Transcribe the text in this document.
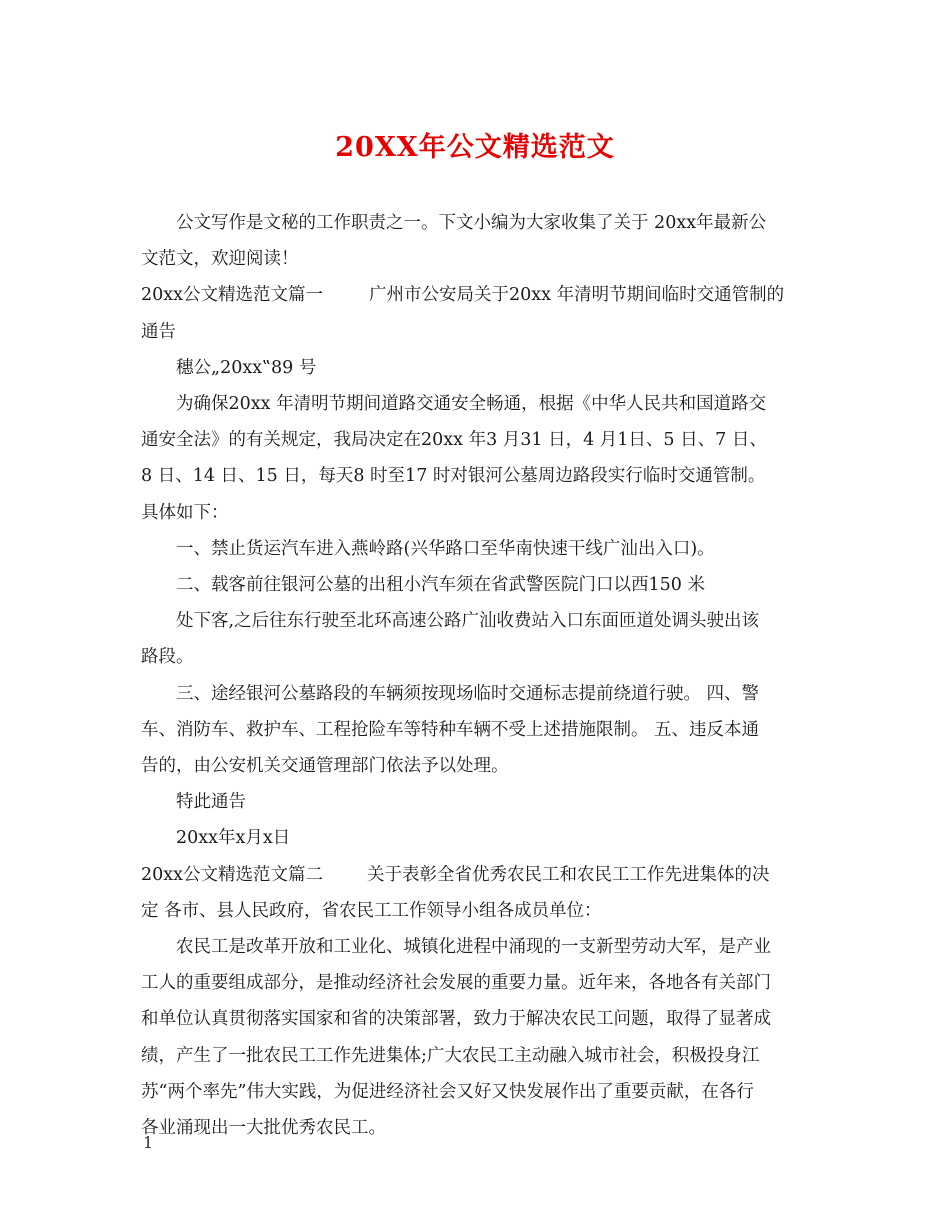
20XX年公文精选范文
公文写作是文秘的工作职责之一。下文小编为大家收集了关于 20xx年最新公
文范文，欢迎阅读！
20xx公文精选范文篇一	广州市公安局关于20xx 年清明节期间临时交通管制的
通告
穗公„20xx‟89 号
为确保20xx 年清明节期间道路交通安全畅通，根据《中华人民共和国道路交
通安全法》的有关规定，我局决定在20xx 年3 月31 日，4 月1日、5 日、7 日、
8 日、14 日、15 日，每天8 时至17 时对银河公墓周边路段实行临时交通管制。
具体如下：
一、禁止货运汽车进入燕岭路(兴华路口至华南快速干线广汕出入口)。
二、载客前往银河公墓的出租小汽车须在省武警医院门口以西150 米
处下客,之后往东行驶至北环高速公路广汕收费站入口东面匝道处调头驶出该
路段。
三、途经银河公墓路段的车辆须按现场临时交通标志提前绕道行驶。 四、警
车、消防车、救护车、工程抢险车等特种车辆不受上述措施限制。 五、违反本通
告的，由公安机关交通管理部门依法予以处理。
特此通告
20xx年x月x日
20xx公文精选范文篇二	关于表彰全省优秀农民工和农民工工作先进集体的决
定 各市、县人民政府，省农民工工作领导小组各成员单位：
农民工是改革开放和工业化、城镇化进程中涌现的一支新型劳动大军，是产业
工人的重要组成部分，是推动经济社会发展的重要力量。近年来，各地各有关部门
和单位认真贯彻落实国家和省的决策部署，致力于解决农民工问题，取得了显著成
绩，产生了一批农民工工作先进集体;广大农民工主动融入城市社会，积极投身江
苏“两个率先”伟大实践，为促进经济社会又好又快发展作出了重要贡献，在各行
各业涌现出一大批优秀农民工。
1
